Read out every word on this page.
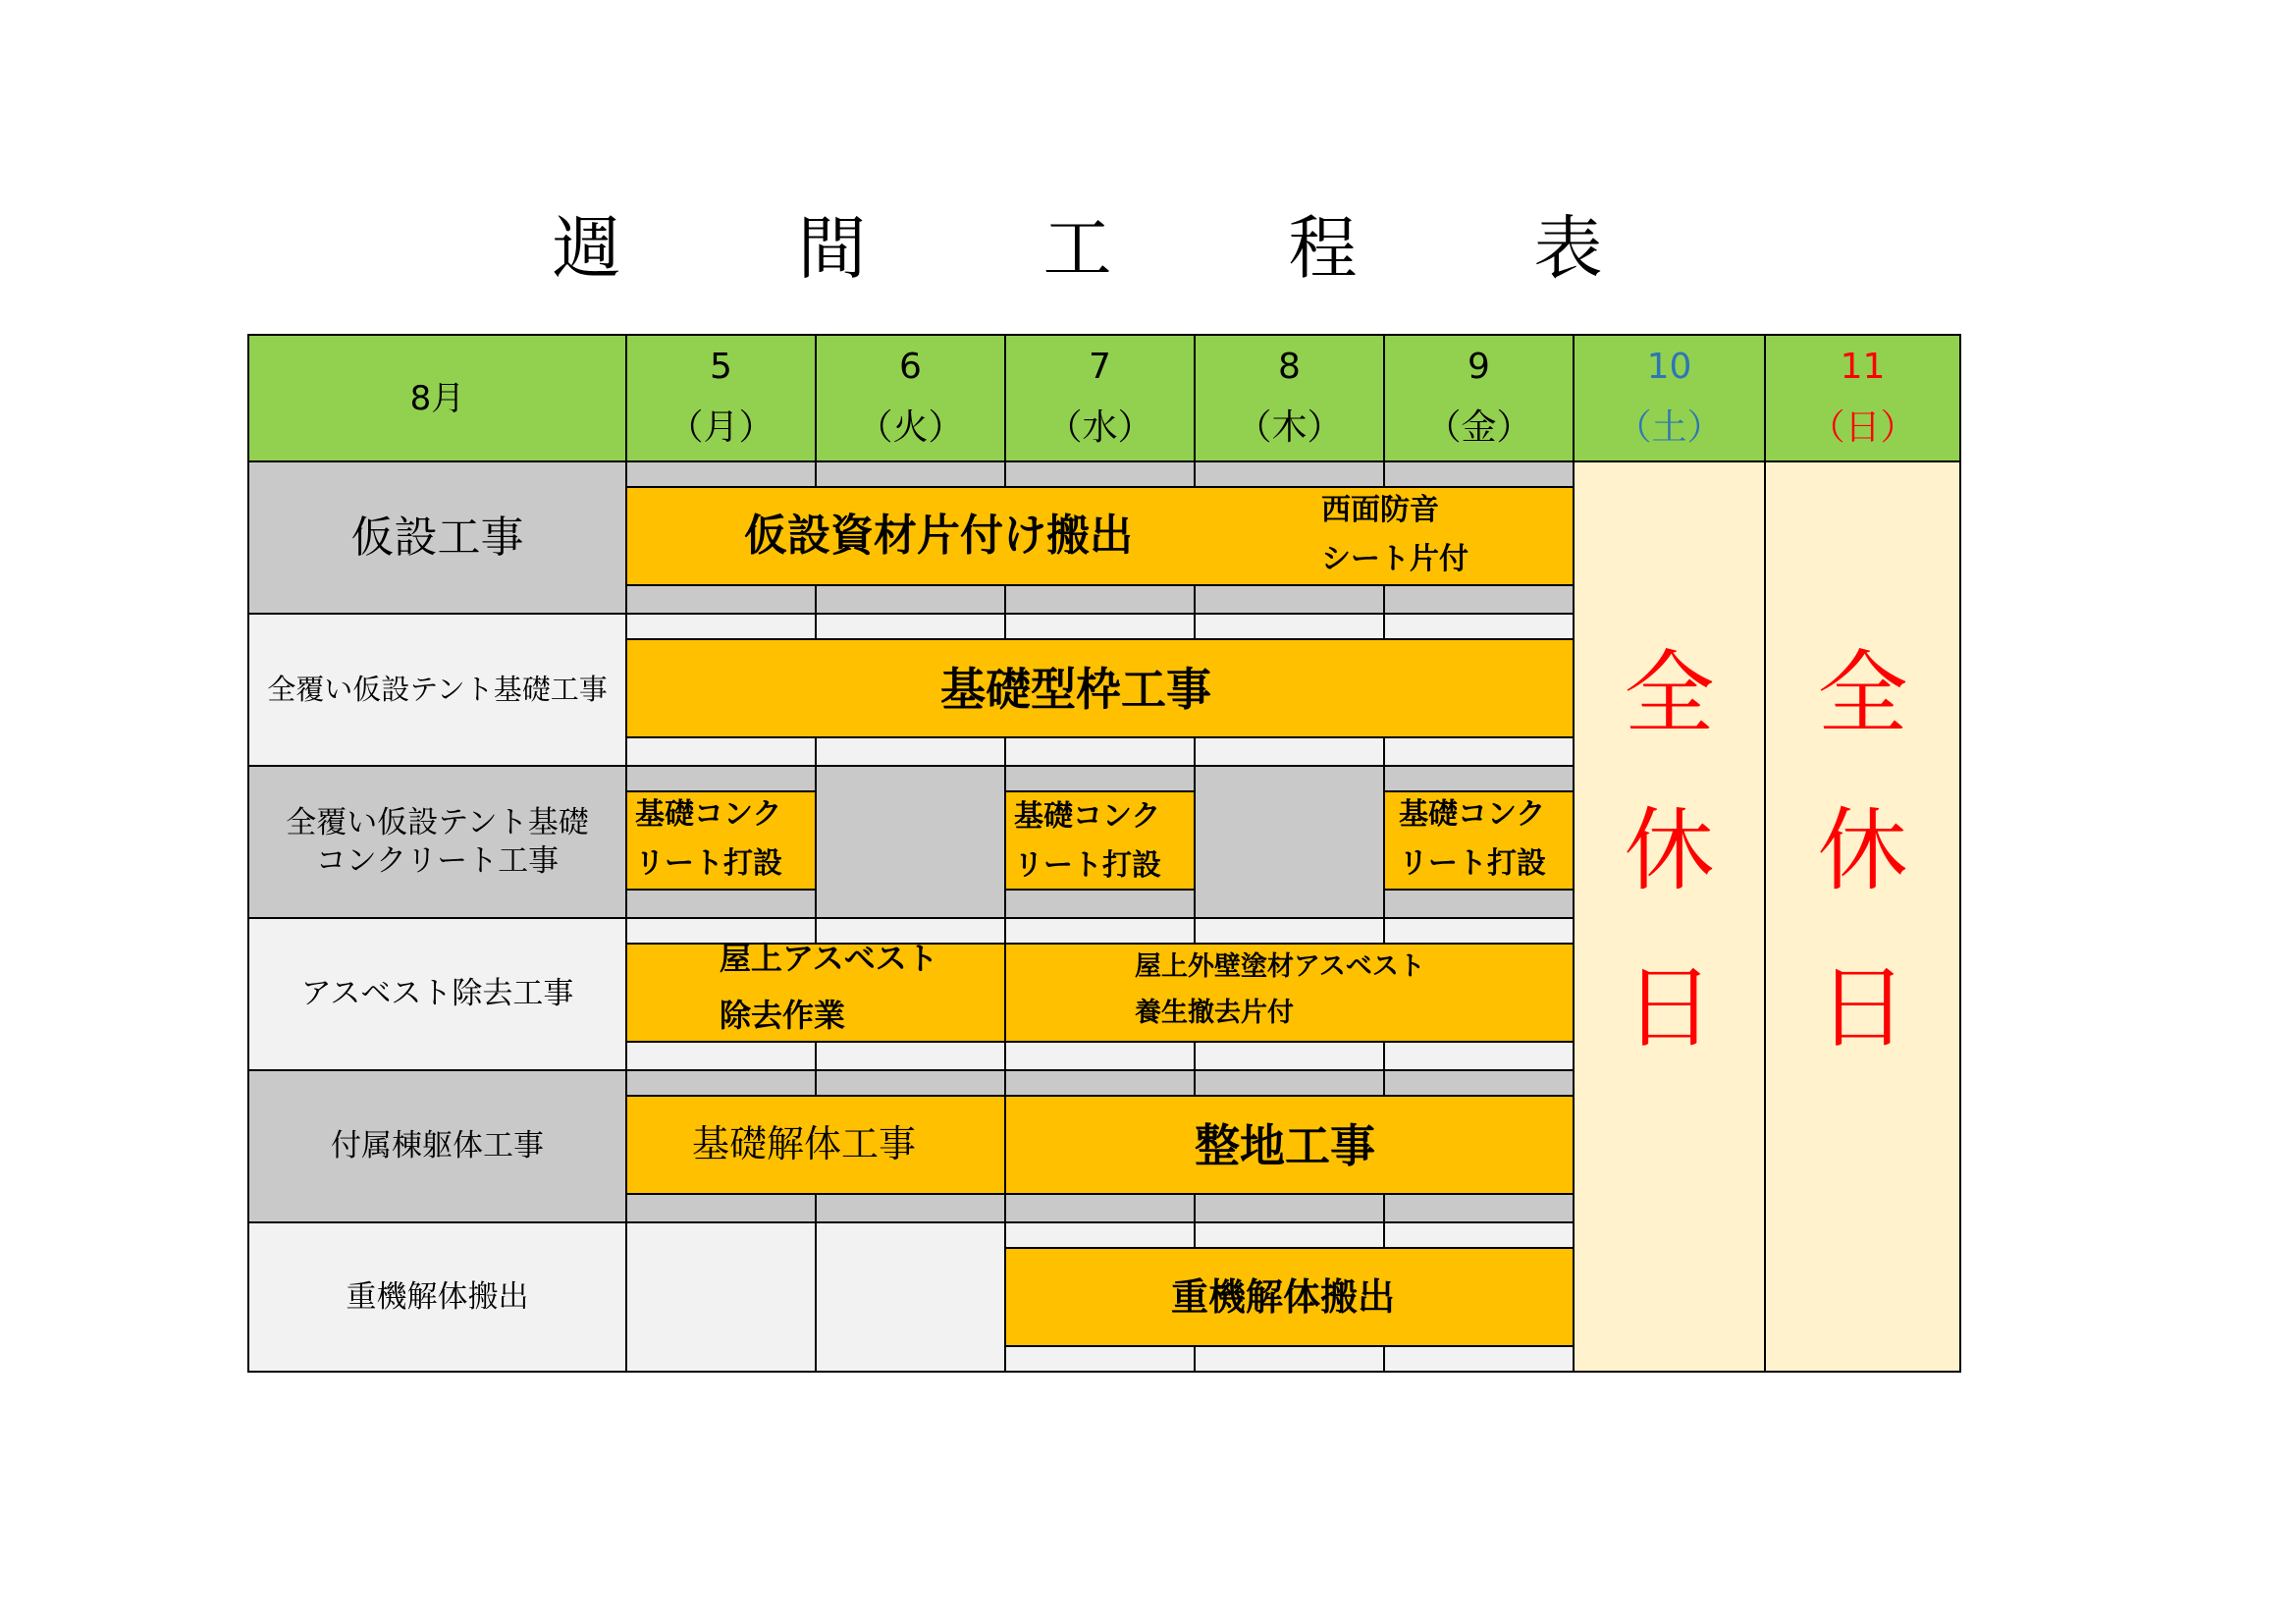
週　間　工　程　表
8月
5
（月）
6
（火）
7
（水）
8
（木）
9
（金）
10
（土）
11
（日）
仮設工事
全覆い仮設テント基礎工事
全覆い仮設テント基礎
コンクリート工事
アスベスト除去工事
付属棟躯体工事
重機解体搬出
全
休
日
全
休
日
仮設資材片付け搬出
西面防音
シート片付
基礎型枠工事
基礎コンク
リート打設
基礎コンク
リート打設
基礎コンク
リート打設
屋上アスベスト
除去作業
屋上外壁塗材アスベスト
養生撤去片付
基礎解体工事	整地工事
重機解体搬出
